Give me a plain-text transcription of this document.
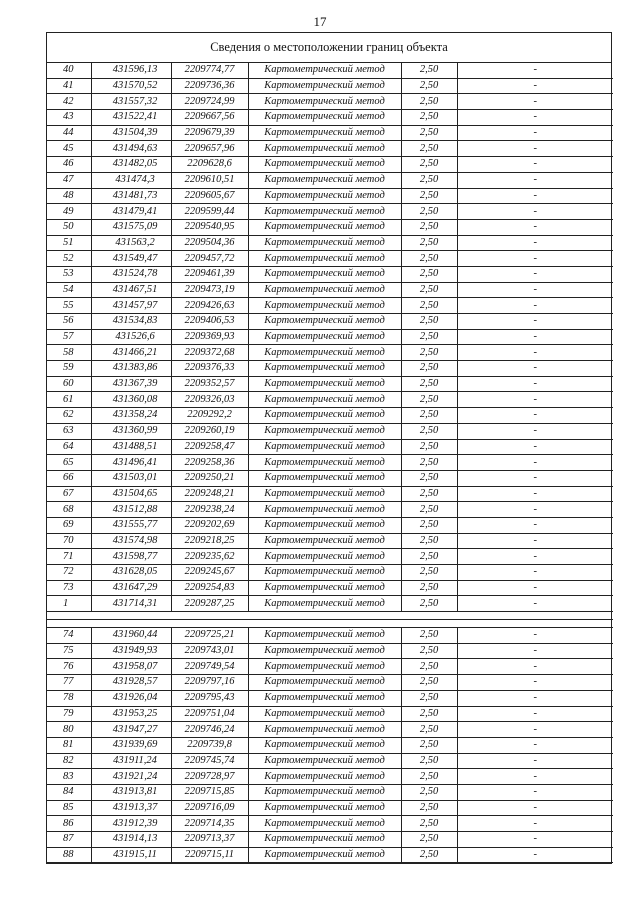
17
Сведения о местоположении границ объекта
40	431596,13	2209774,77	Картометрический метод	2,50	-
41	431570,52	2209736,36	Картометрический метод	2,50	-
42	431557,32	2209724,99	Картометрический метод	2,50	-
43	431522,41	2209667,56	Картометрический метод	2,50	-
44	431504,39	2209679,39	Картометрический метод	2,50	-
45	431494,63	2209657,96	Картометрический метод	2,50	-
46	431482,05	2209628,6	Картометрический метод	2,50	-
47	431474,3	2209610,51	Картометрический метод	2,50	-
48	431481,73	2209605,67	Картометрический метод	2,50	-
49	431479,41	2209599,44	Картометрический метод	2,50	-
50	431575,09	2209540,95	Картометрический метод	2,50	-
51	431563,2	2209504,36	Картометрический метод	2,50	-
52	431549,47	2209457,72	Картометрический метод	2,50	-
53	431524,78	2209461,39	Картометрический метод	2,50	-
54	431467,51	2209473,19	Картометрический метод	2,50	-
55	431457,97	2209426,63	Картометрический метод	2,50	-
56	431534,83	2209406,53	Картометрический метод	2,50	-
57	431526,6	2209369,93	Картометрический метод	2,50	-
58	431466,21	2209372,68	Картометрический метод	2,50	-
59	431383,86	2209376,33	Картометрический метод	2,50	-
60	431367,39	2209352,57	Картометрический метод	2,50	-
61	431360,08	2209326,03	Картометрический метод	2,50	-
62	431358,24	2209292,2	Картометрический метод	2,50	-
63	431360,99	2209260,19	Картометрический метод	2,50	-
64	431488,51	2209258,47	Картометрический метод	2,50	-
65	431496,41	2209258,36	Картометрический метод	2,50	-
66	431503,01	2209250,21	Картометрический метод	2,50	-
67	431504,65	2209248,21	Картометрический метод	2,50	-
68	431512,88	2209238,24	Картометрический метод	2,50	-
69	431555,77	2209202,69	Картометрический метод	2,50	-
70	431574,98	2209218,25	Картометрический метод	2,50	-
71	431598,77	2209235,62	Картометрический метод	2,50	-
72	431628,05	2209245,67	Картометрический метод	2,50	-
73	431647,29	2209254,83	Картометрический метод	2,50	-
1	431714,31	2209287,25	Картометрический метод	2,50	-

74	431960,44	2209725,21	Картометрический метод	2,50	-
75	431949,93	2209743,01	Картометрический метод	2,50	-
76	431958,07	2209749,54	Картометрический метод	2,50	-
77	431928,57	2209797,16	Картометрический метод	2,50	-
78	431926,04	2209795,43	Картометрический метод	2,50	-
79	431953,25	2209751,04	Картометрический метод	2,50	-
80	431947,27	2209746,24	Картометрический метод	2,50	-
81	431939,69	2209739,8	Картометрический метод	2,50	-
82	431911,24	2209745,74	Картометрический метод	2,50	-
83	431921,24	2209728,97	Картометрический метод	2,50	-
84	431913,81	2209715,85	Картометрический метод	2,50	-
85	431913,37	2209716,09	Картометрический метод	2,50	-
86	431912,39	2209714,35	Картометрический метод	2,50	-
87	431914,13	2209713,37	Картометрический метод	2,50	-
88	431915,11	2209715,11	Картометрический метод	2,50	-
